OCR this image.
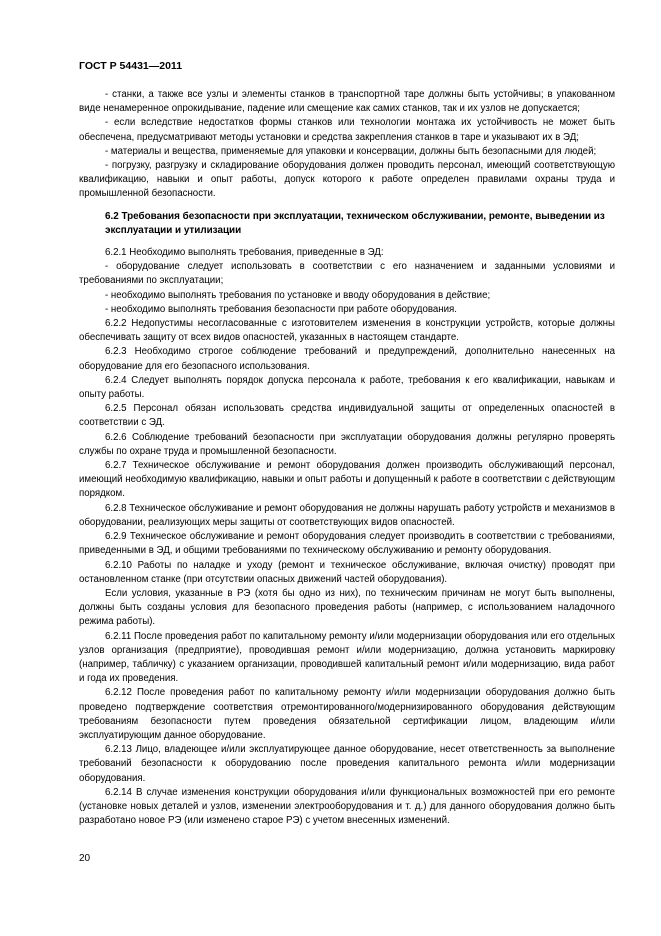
ГОСТ Р 54431—2011

- станки, а также все узлы и элементы станков в транспортной таре должны быть устойчивы; в упакованном виде ненамеренное опрокидывание, падение или смещение как самих станков, так и их узлов не допускается;

- если вследствие недостатков формы станков или технологии монтажа их устойчивость не может быть обеспечена, предусматривают методы установки и средства закрепления станков в таре и указывают их в ЭД;

- материалы и вещества, применяемые для упаковки и консервации, должны быть безопасными для людей;

- погрузку, разгрузку и складирование оборудования должен проводить персонал, имеющий соответствующую квалификацию, навыки и опыт работы, допуск которого к работе определен правилами охраны труда и промышленной безопасности.

6.2 Требования безопасности при эксплуатации, техническом обслуживании, ремонте, выведении из эксплуатации и утилизации

6.2.1 Необходимо выполнять требования, приведенные в ЭД:

- оборудование следует использовать в соответствии с его назначением и заданными условиями и требованиями по эксплуатации;

- необходимо выполнять требования по установке и вводу оборудования в действие;

- необходимо выполнять требования безопасности при работе оборудования.

6.2.2 Недопустимы несогласованные с изготовителем изменения в конструкции устройств, которые должны обеспечивать защиту от всех видов опасностей, указанных в настоящем стандарте.

6.2.3 Необходимо строгое соблюдение требований и предупреждений, дополнительно нанесенных на оборудование для его безопасного использования.

6.2.4 Следует выполнять порядок допуска персонала к работе, требования к его квалификации, навыкам и опыту работы.

6.2.5 Персонал обязан использовать средства индивидуальной защиты от определенных опасностей в соответствии с ЭД.

6.2.6 Соблюдение требований безопасности при эксплуатации оборудования должны регулярно проверять службы по охране труда и промышленной безопасности.

6.2.7 Техническое обслуживание и ремонт оборудования должен производить обслуживающий персонал, имеющий необходимую квалификацию, навыки и опыт работы и допущенный к работе в соответствии с действующим порядком.

6.2.8 Техническое обслуживание и ремонт оборудования не должны нарушать работу устройств и механизмов в оборудовании, реализующих меры защиты от соответствующих видов опасностей.

6.2.9 Техническое обслуживание и ремонт оборудования следует производить в соответствии с требованиями, приведенными в ЭД, и общими требованиями по техническому обслуживанию и ремонту оборудования.

6.2.10 Работы по наладке и уходу (ремонт и техническое обслуживание, включая очистку) проводят при остановленном станке (при отсутствии опасных движений частей оборудования).

Если условия, указанные в РЭ (хотя бы одно из них), по техническим причинам не могут быть выполнены, должны быть созданы условия для безопасного проведения работы (например, с использованием наладочного режима работы).

6.2.11 После проведения работ по капитальному ремонту и/или модернизации оборудования или его отдельных узлов организация (предприятие), проводившая ремонт и/или модернизацию, должна установить маркировку (например, табличку) с указанием организации, проводившей капитальный ремонт и/или модернизацию, вида работ и года их проведения.

6.2.12 После проведения работ по капитальному ремонту и/или модернизации оборудования должно быть проведено подтверждение соответствия отремонтированного/модернизированного оборудования действующим требованиям безопасности путем проведения обязательной сертификации лицом, владеющим и/или эксплуатирующим данное оборудование.

6.2.13 Лицо, владеющее и/или эксплуатирующее данное оборудование, несет ответственность за выполнение требований безопасности к оборудованию после проведения капитального ремонта и/или модернизации оборудования.

6.2.14 В случае изменения конструкции оборудования и/или функциональных возможностей при его ремонте (установке новых деталей и узлов, изменении электрооборудования и т. д.) для данного оборудования должно быть разработано новое РЭ (или изменено старое РЭ) с учетом внесенных изменений.

20
